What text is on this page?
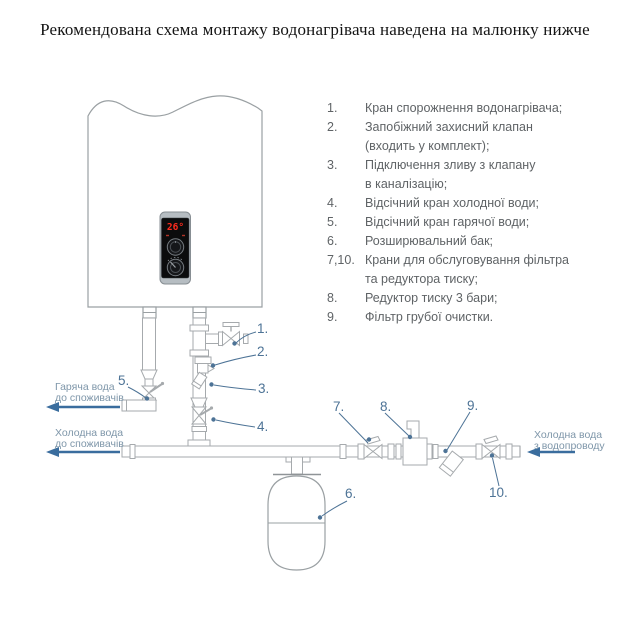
Рекомендована схема монтажу водонагрівача наведена на малюнку нижче
1.	Кран спорожнення водонагрівача;
2.	Запобіжний захисний клапан
(входить у комплект);
3.	Підключення зливу з клапану
в каналізацію;
4.	Відсічний кран холодної води;
5.	Відсічний кран гарячої води;
6.	Розширювальний бак;
7,10. Крани для обслуговування фільтра
та редуктора тиску;
8.	Редуктор тиску 3 бари;
9.	Фільтр грубої очистки.
26°
Гаряча вода
до споживачів
Холодна вода
до споживачів
Холодна вода
з водопроводу
1.
2.
3.
4.
5.
6.
7.	8.	9.
10.
